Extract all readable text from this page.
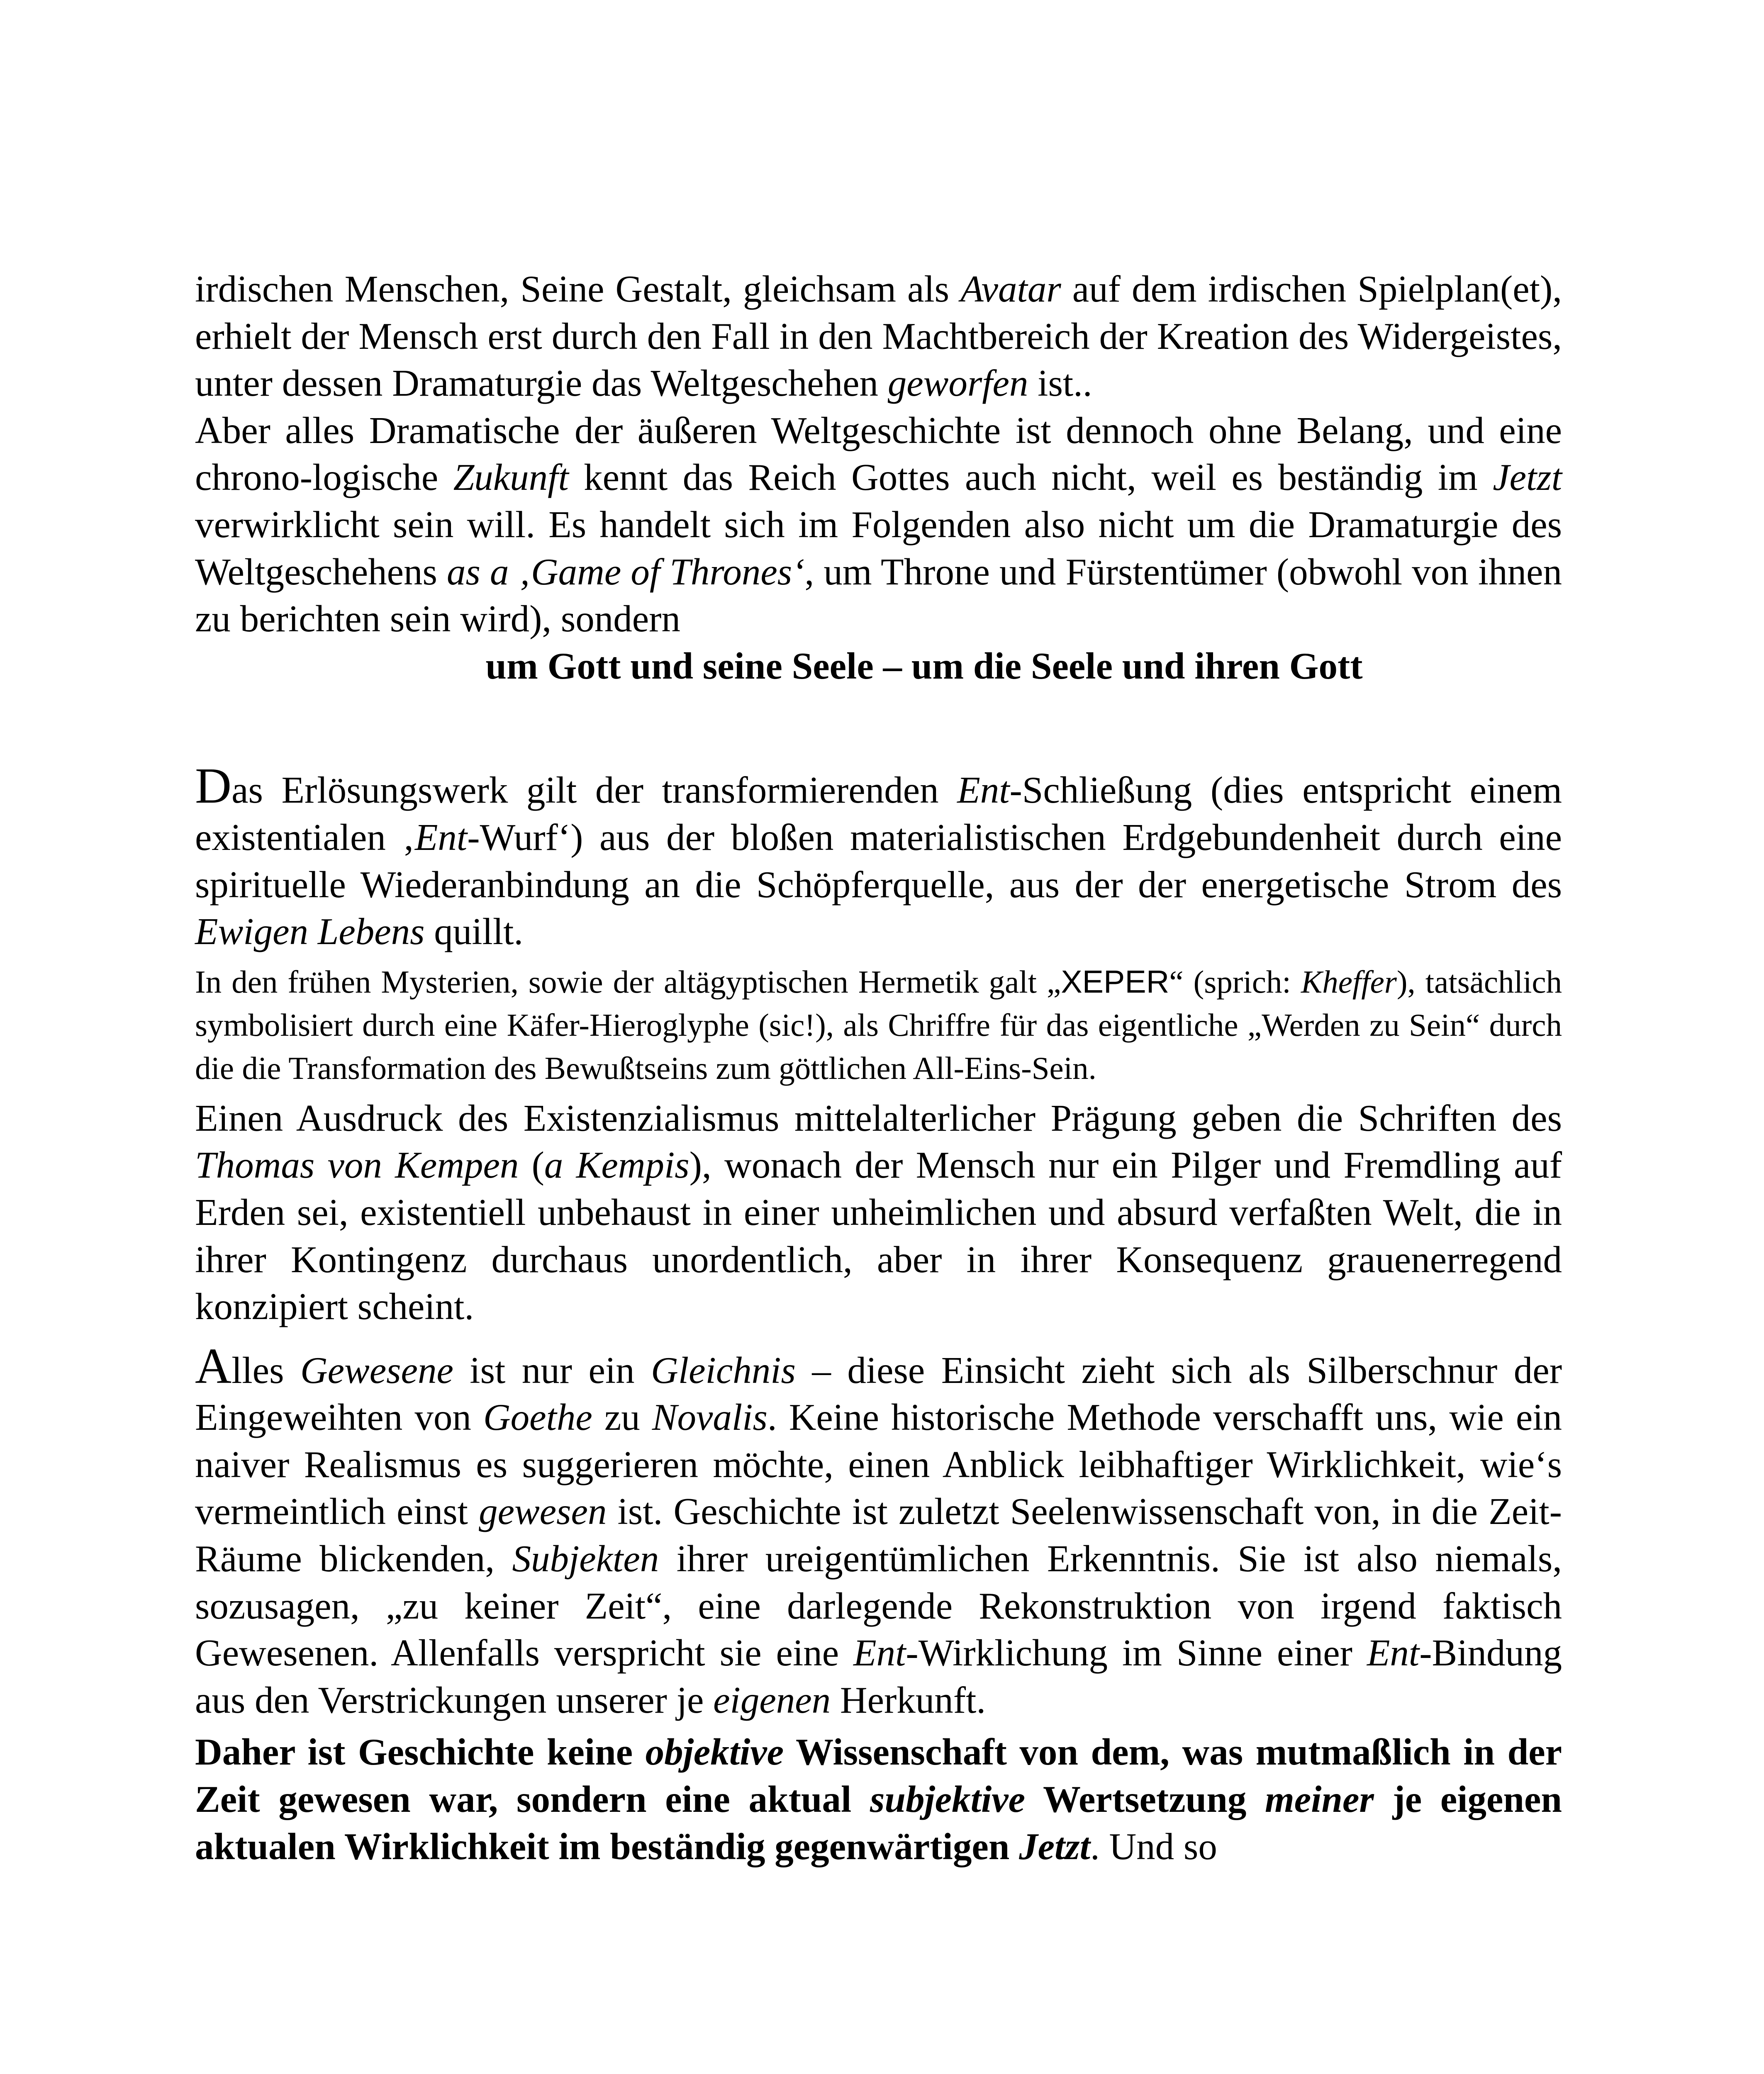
irdischen Menschen, Seine Gestalt, gleichsam als Avatar auf dem irdischen Spielplan(et), erhielt der Mensch erst durch den Fall in den Machtbereich der Kreation des Widergeistes, unter dessen Dramaturgie das Weltgeschehen geworfen ist..

Aber alles Dramatische der äußeren Weltgeschichte ist dennoch ohne Belang, und eine chrono-logische Zukunft kennt das Reich Gottes auch nicht, weil es beständig im Jetzt verwirklicht sein will. Es handelt sich im Folgenden also nicht um die Dramaturgie des Weltgeschehens as a ‚Game of Thrones‘, um Throne und Fürstentümer (obwohl von ihnen zu berichten sein wird), sondern

um Gott und seine Seele – um die Seele und ihren Gott

Das Erlösungswerk gilt der transformierenden Ent-Schließung (dies entspricht einem existentialen ‚Ent-Wurf‘) aus der bloßen materialistischen Erdgebundenheit durch eine spirituelle Wiederanbindung an die Schöpferquelle, aus der der energetische Strom des Ewigen Lebens quillt.

In den frühen Mysterien, sowie der altägyptischen Hermetik galt „XEPER“ (sprich: Kheffer), tatsächlich symbolisiert durch eine Käfer-Hieroglyphe (sic!), als Chriffre für das eigentliche „Werden zu Sein“ durch die die Transformation des Bewußtseins zum göttlichen All-Eins-Sein.

Einen Ausdruck des Existenzialismus mittelalterlicher Prägung geben die Schriften des Thomas von Kempen (a Kempis), wonach der Mensch nur ein Pilger und Fremdling auf Erden sei, existentiell unbehaust in einer unheimlichen und absurd verfaßten Welt, die in ihrer Kontingenz durchaus unordentlich, aber in ihrer Konsequenz grauenerregend konzipiert scheint.

Alles Gewesene ist nur ein Gleichnis – diese Einsicht zieht sich als Silberschnur der Eingeweihten von Goethe zu Novalis. Keine historische Methode verschafft uns, wie ein naiver Realismus es suggerieren möchte, einen Anblick leibhaftiger Wirklichkeit, wie‘s vermeintlich einst gewesen ist. Geschichte ist zuletzt Seelenwissenschaft von, in die Zeit-Räume blickenden, Subjekten ihrer ureigentümlichen Erkenntnis. Sie ist also niemals, sozusagen, „zu keiner Zeit“, eine darlegende Rekonstruktion von irgend faktisch Gewesenen. Allenfalls verspricht sie eine Ent-Wirklichung im Sinne einer Ent-Bindung aus den Verstrickungen unserer je eigenen Herkunft.

Daher ist Geschichte keine objektive Wissenschaft von dem, was mutmaßlich in der Zeit gewesen war, sondern eine aktual subjektive Wertsetzung meiner je eigenen aktualen Wirklichkeit im beständig gegenwärtigen Jetzt. Und so
